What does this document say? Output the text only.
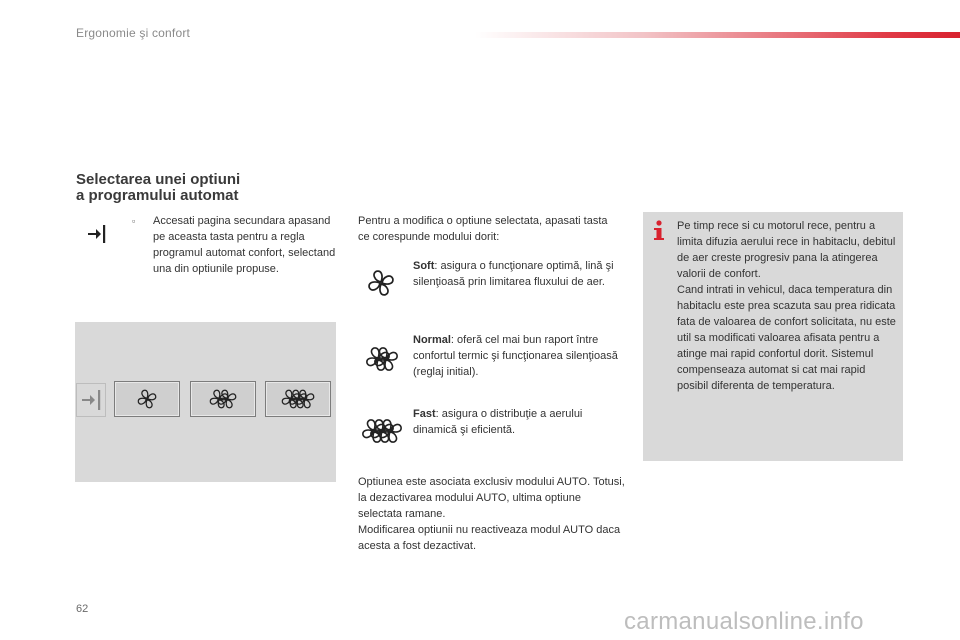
Ergonomie şi confort
Selectarea unei optiuni
a programului automat
▫ Accesati pagina secundara apasand pe aceasta tasta pentru a regla programul automat confort, selectand una din optiunile propuse.
Pentru a modifica o optiune selectata, apasati tasta ce corespunde modului dorit:
Soft: asigura o funcţionare optimă, lină şi silenţioasă prin limitarea fluxului de aer.
Normal: oferă cel mai bun raport între confortul termic şi funcţionarea silenţioasă (reglaj initial).
Fast: asigura o distribuţie a aerului dinamică şi eficientă.
Optiunea este asociata exclusiv modului AUTO. Totusi, la dezactivarea modului AUTO, ultima optiune selectata ramane.
Modificarea optiunii nu reactiveaza modul AUTO daca acesta a fost dezactivat.
Pe timp rece si cu motorul rece, pentru a limita difuzia aerului rece in habitaclu, debitul de aer creste progresiv pana la atingerea valorii de confort.
Cand intrati in vehicul, daca temperatura din habitaclu este prea scazuta sau prea ridicata fata de valoarea de confort solicitata, nu este util sa modificati valoarea afisata pentru a atinge mai rapid confortul dorit. Sistemul compenseaza automat si cat mai rapid posibil diferenta de temperatura.
62	carmanualsonline.info
